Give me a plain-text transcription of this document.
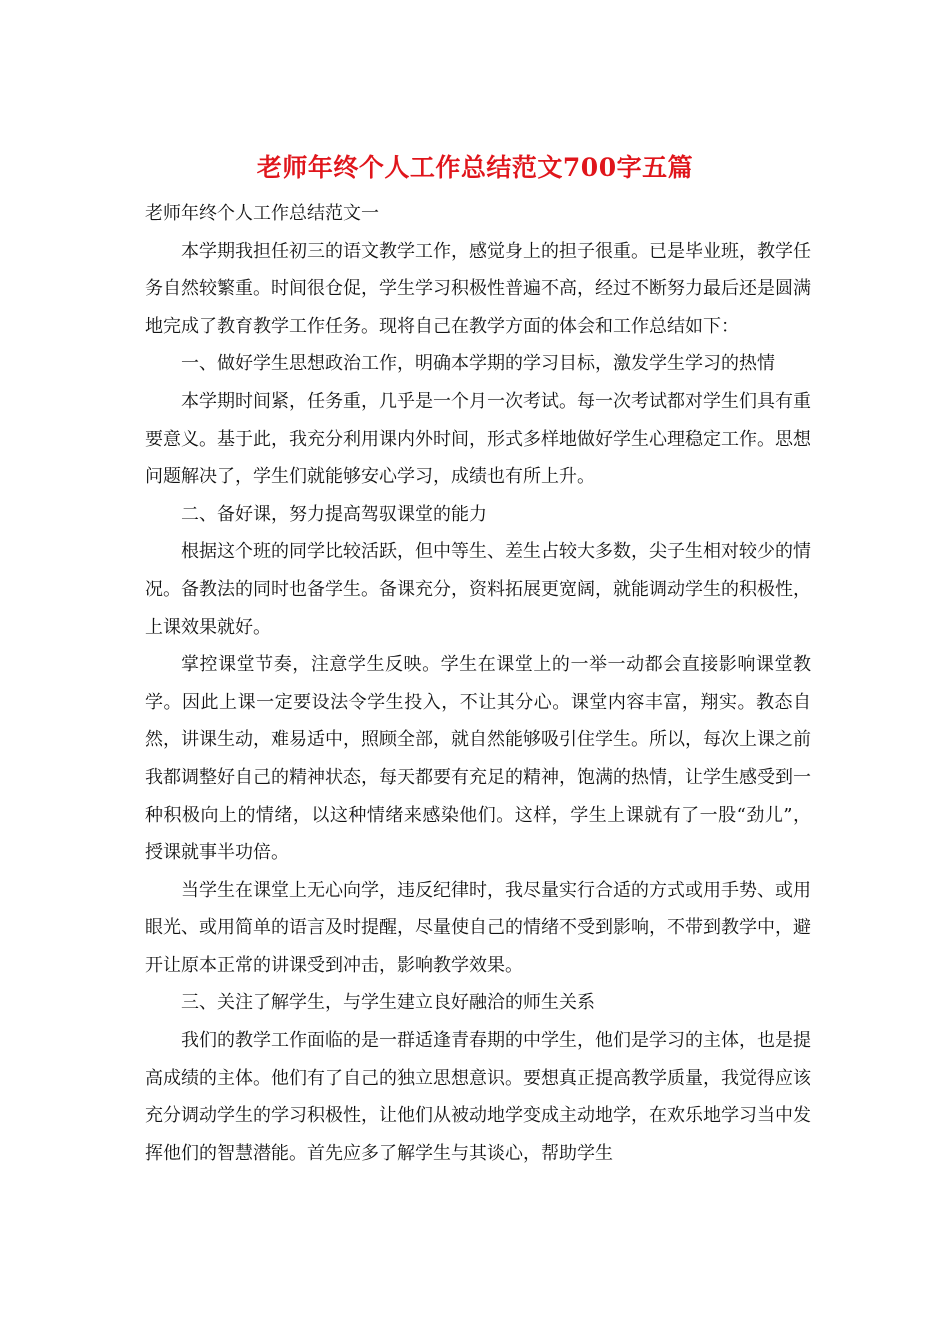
老师年终个人工作总结范文700字五篇

老师年终个人工作总结范文一

本学期我担任初三的语文教学工作，感觉身上的担子很重。已是毕业班，教学任务自然较繁重。时间很仓促，学生学习积极性普遍不高，经过不断努力最后还是圆满地完成了教育教学工作任务。现将自己在教学方面的体会和工作总结如下：

一、做好学生思想政治工作，明确本学期的学习目标，激发学生学习的热情

本学期时间紧，任务重，几乎是一个月一次考试。每一次考试都对学生们具有重要意义。基于此，我充分利用课内外时间，形式多样地做好学生心理稳定工作。思想问题解决了，学生们就能够安心学习，成绩也有所上升。

二、备好课，努力提高驾驭课堂的能力

根据这个班的同学比较活跃，但中等生、差生占较大多数，尖子生相对较少的情况。备教法的同时也备学生。备课充分，资料拓展更宽阔，就能调动学生的积极性，上课效果就好。

掌控课堂节奏，注意学生反映。学生在课堂上的一举一动都会直接影响课堂教学。因此上课一定要设法令学生投入，不让其分心。课堂内容丰富，翔实。教态自然，讲课生动，难易适中，照顾全部，就自然能够吸引住学生。所以，每次上课之前我都调整好自己的精神状态，每天都要有充足的精神，饱满的热情，让学生感受到一种积极向上的情绪，以这种情绪来感染他们。这样，学生上课就有了一股“劲儿”，授课就事半功倍。

当学生在课堂上无心向学，违反纪律时，我尽量实行合适的方式或用手势、或用眼光、或用简单的语言及时提醒，尽量使自己的情绪不受到影响，不带到教学中，避开让原本正常的讲课受到冲击，影响教学效果。

三、关注了解学生，与学生建立良好融洽的师生关系

我们的教学工作面临的是一群适逢青春期的中学生，他们是学习的主体，也是提高成绩的主体。他们有了自己的独立思想意识。要想真正提高教学质量，我觉得应该充分调动学生的学习积极性，让他们从被动地学变成主动地学，在欢乐地学习当中发挥他们的智慧潜能。首先应多了解学生与其谈心，帮助学生
